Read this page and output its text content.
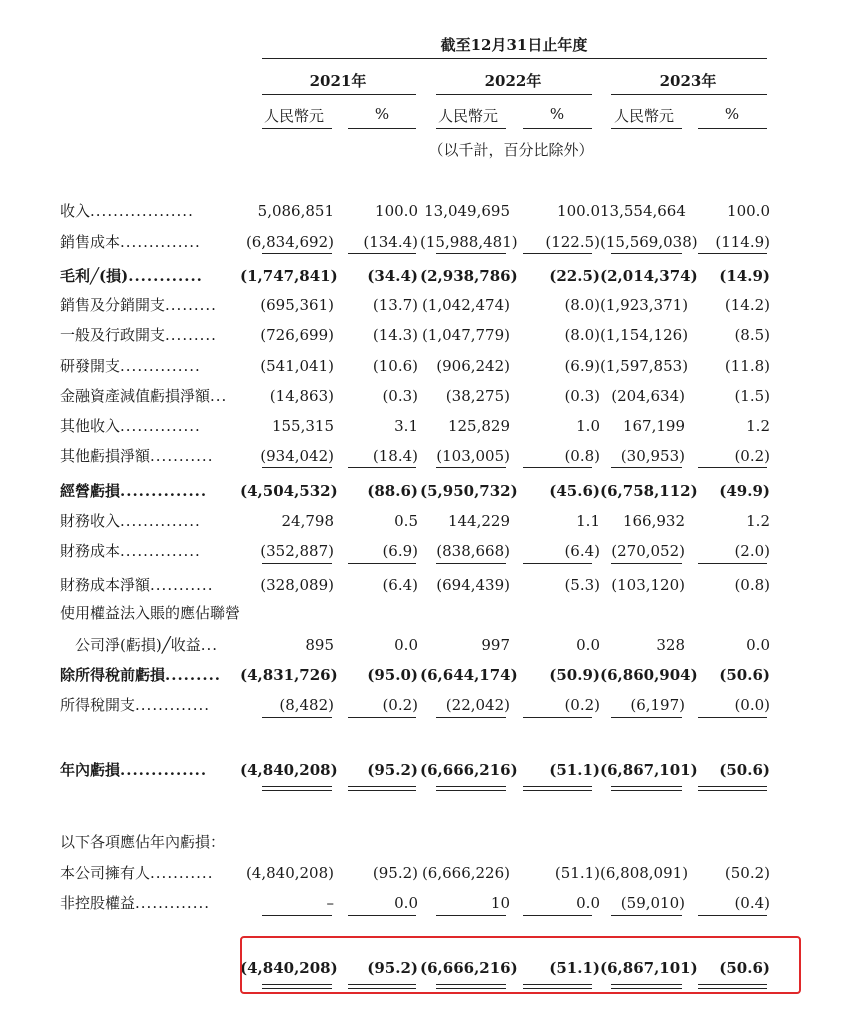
截至12月31日止年度
2021年	2022年	2023年
人民幣元	%	人民幣元	%	人民幣元	%
（以千計，百分比除外）
收入..................	5,086,851	100.0 13,049,695	100.0 13,554,664	100.0
銷售成本..............	(6,834,692)	(134.4) (15,988,481)	(122.5) (15,569,038)	(114.9)
毛利╱(損)............	(1,747,841)	(34.4) (2,938,786)	(22.5) (2,014,374)	(14.9)
銷售及分銷開支.........	(695,361)	(13.7) (1,042,474)	(8.0) (1,923,371)	(14.2)
一般及行政開支.........	(726,699)	(14.3) (1,047,779)	(8.0) (1,154,126)	(8.5)
研發開支..............	(541,041)	(10.6)	(906,242)	(6.9) (1,597,853)	(11.8)
金融資產減值虧損淨額...	(14,863)	(0.3)	(38,275)	(0.3) (204,634)	(1.5)
其他收入..............	155,315	3.1	125,829	1.0	167,199	1.2
其他虧損淨額...........	(934,042)	(18.4)	(103,005)	(0.8)	(30,953)	(0.2)
經營虧損..............	(4,504,532)	(88.6) (5,950,732)	(45.6) (6,758,112)	(49.9)
財務收入..............	24,798	0.5	144,229	1.1	166,932	1.2
財務成本..............	(352,887)	(6.9)	(838,668)	(6.4) (270,052)	(2.0)
財務成本淨額...........	(328,089)	(6.4)	(694,439)	(5.3) (103,120)	(0.8)
使用權益法入賬的應佔聯營
　公司淨(虧損)╱收益...	895	0.0	997	0.0	328	0.0
除所得稅前虧損.........	(4,831,726)	(95.0) (6,644,174)	(50.9) (6,860,904)	(50.6)
所得稅開支.............	(8,482)	(0.2)	(22,042)	(0.2)	(6,197)	(0.0)
年內虧損..............	(4,840,208)	(95.2) (6,666,216)	(51.1) (6,867,101)	(50.6)
以下各項應佔年內虧損：
本公司擁有人...........	(4,840,208)	(95.2) (6,666,226)	(51.1) (6,808,091)	(50.2)
非控股權益.............	–	0.0	10	0.0	(59,010)	(0.4)
(4,840,208)	(95.2) (6,666,216)	(51.1) (6,867,101)	(50.6)
